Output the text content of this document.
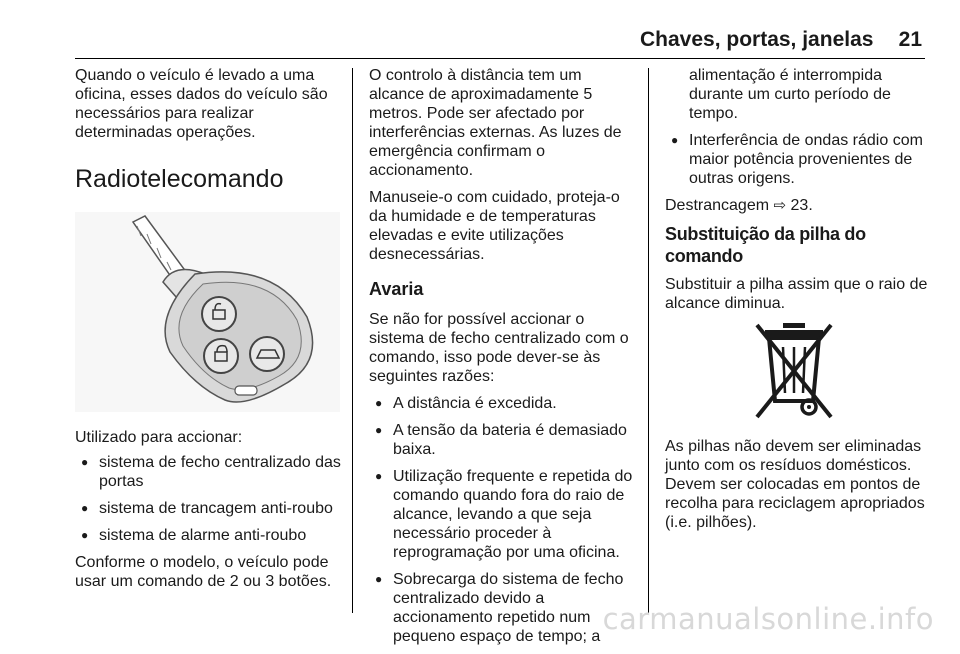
Chaves, portas, janelas 21

Quando o veículo é levado a uma oficina, esses dados do veículo são necessários para realizar determinadas operações.

Radiotelecomando

Utilizado para accionar:

● sistema de fecho centralizado das portas
● sistema de trancagem anti-roubo
● sistema de alarme anti-roubo

Conforme o modelo, o veículo pode usar um comando de 2 ou 3 botões.

O controlo à distância tem um alcance de aproximadamente 5 metros. Pode ser afectado por interferências externas. As luzes de emergência confirmam o accionamento.

Manuseie-o com cuidado, proteja-o da humidade e de temperaturas elevadas e evite utilizações desnecessárias.

Avaria

Se não for possível accionar o sistema de fecho centralizado com o comando, isso pode dever-se às seguintes razões:

● A distância é excedida.
● A tensão da bateria é demasiado baixa.
● Utilização frequente e repetida do comando quando fora do raio de alcance, levando a que seja necessário proceder à reprogramação por uma oficina.
● Sobrecarga do sistema de fecho centralizado devido a accionamento repetido num pequeno espaço de tempo; a
alimentação é interrompida durante um curto período de tempo.
● Interferência de ondas rádio com maior potência provenientes de outras origens.

Destrancagem ⇨ 23.

Substituição da pilha do comando

Substituir a pilha assim que o raio de alcance diminua.

As pilhas não devem ser eliminadas junto com os resíduos domésticos. Devem ser colocadas em pontos de recolha para reciclagem apropriados (i.e. pilhões).

carmanualsonline.info
